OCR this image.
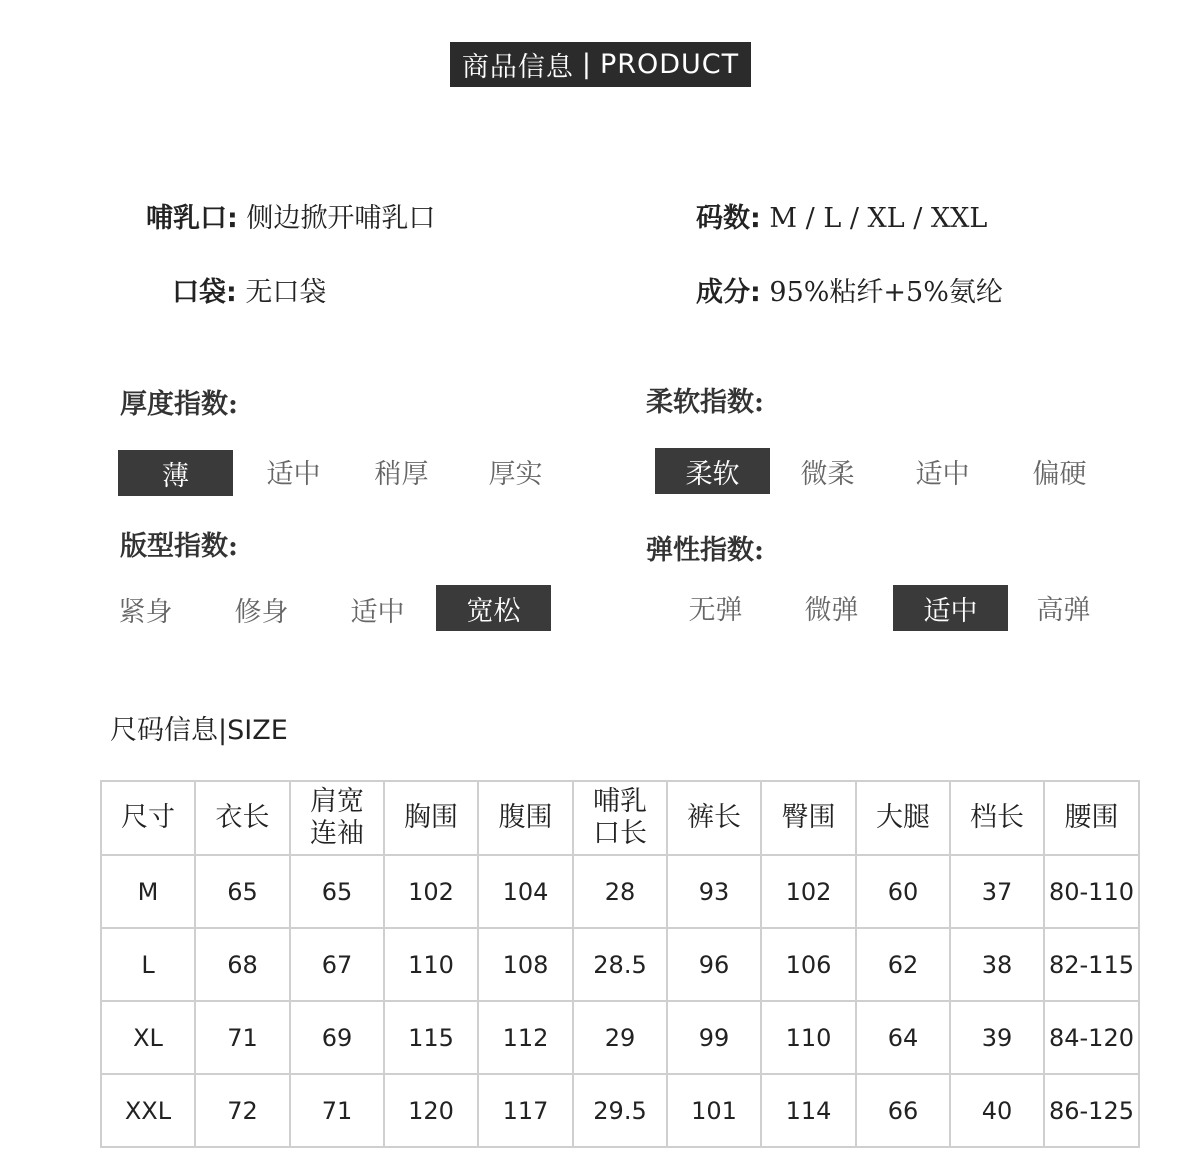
商品信息 | PRODUCT
哺乳口: 侧边掀开哺乳口	码数: M / L / XL / XXL
口袋: 无口袋	成分: 95%粘纤+5%氨纶
厚度指数:
薄	适中	稍厚	厚实
柔软指数:
柔软	微柔	适中	偏硬
版型指数:
紧身	修身	适中	宽松
弹性指数:
无弹	微弹	适中	高弹
尺码信息|SIZE
尺寸	衣长	肩宽连袖	胸围	腹围	哺乳口长	裤长	臀围	大腿	档长	腰围
M	65	65	102	104	28	93	102	60	37	80-110
L	68	67	110	108	28.5	96	106	62	38	82-115
XL	71	69	115	112	29	99	110	64	39	84-120
XXL	72	71	120	117	29.5	101	114	66	40	86-125
